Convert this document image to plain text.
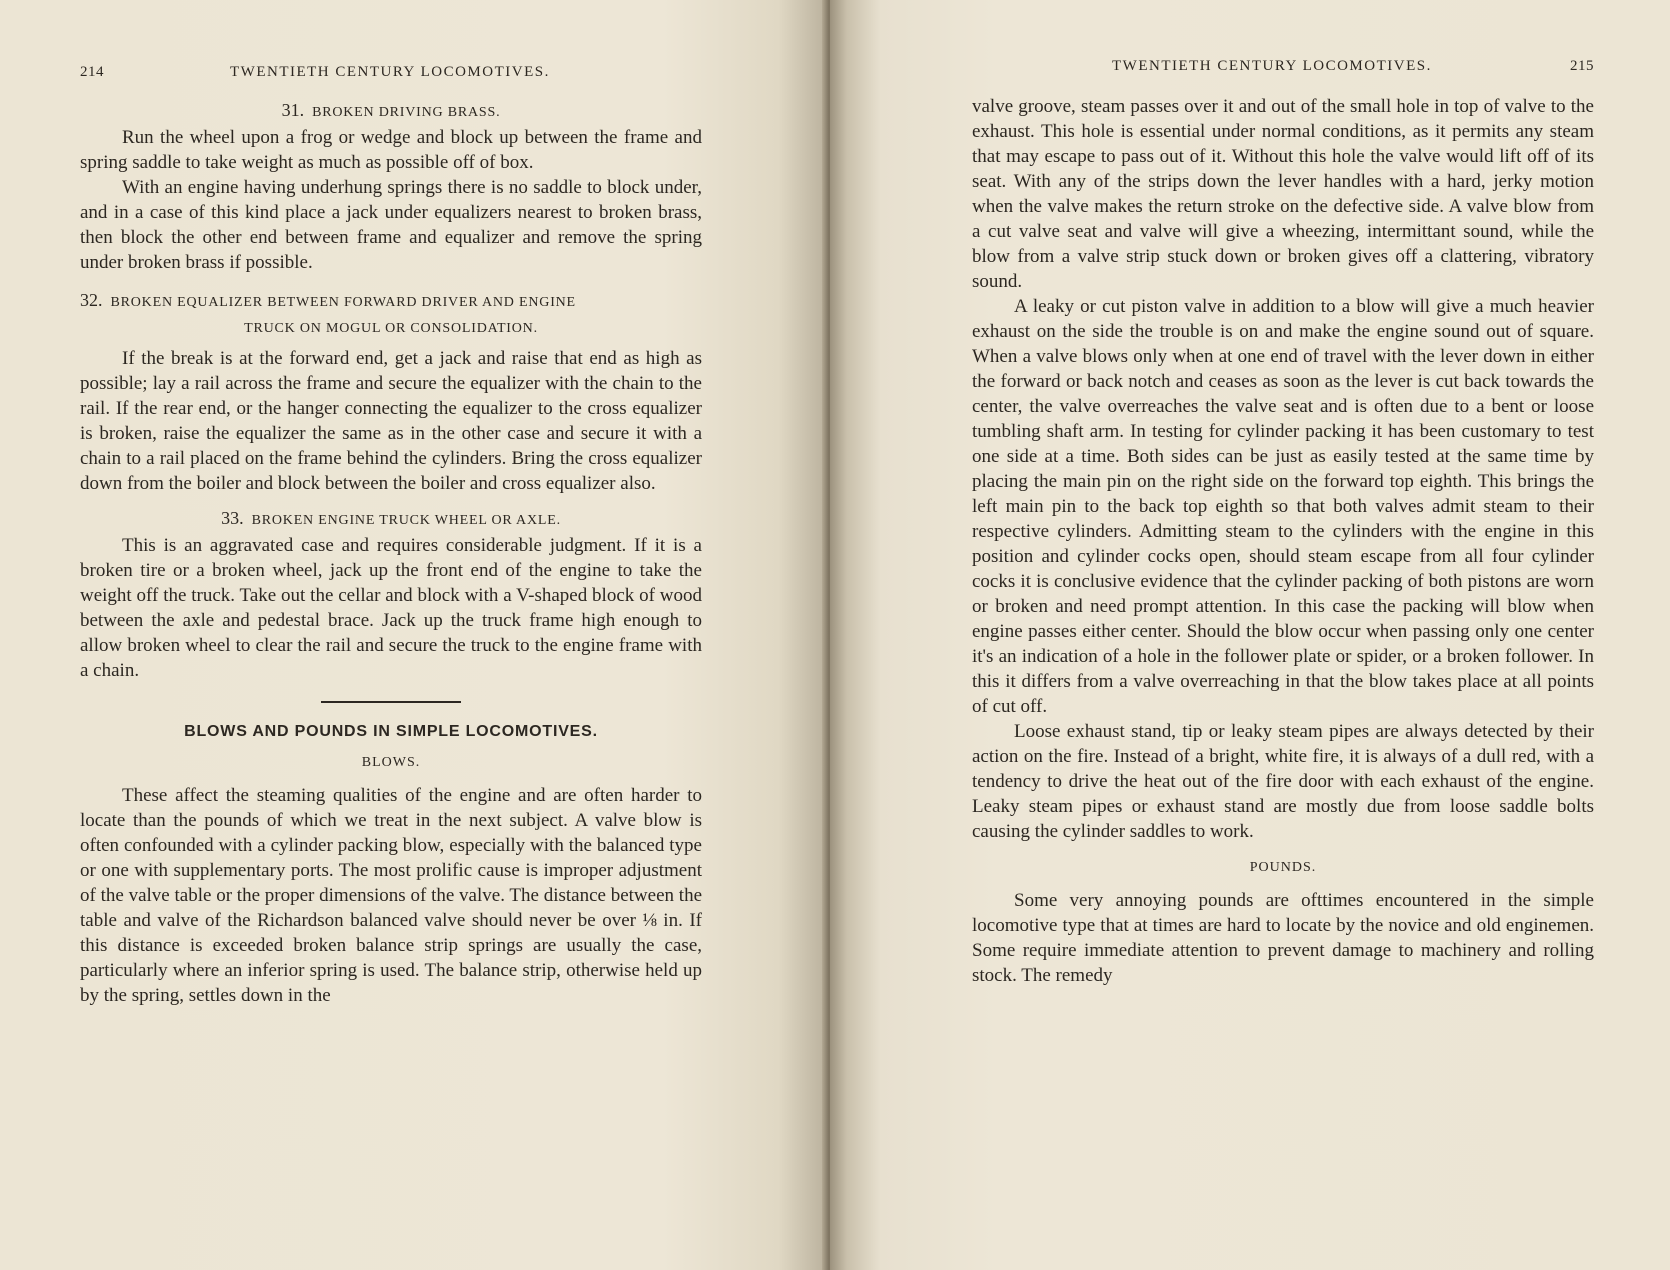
214	TWENTIETH CENTURY LOCOMOTIVES.
31. BROKEN DRIVING BRASS.

Run the wheel upon a frog or wedge and block up between the frame and spring saddle to take weight as much as possible off of box.

With an engine having underhung springs there is no saddle to block under, and in a case of this kind place a jack under equalizers nearest to broken brass, then block the other end between frame and equalizer and remove the spring under broken brass if possible.

32. BROKEN EQUALIZER BETWEEN FORWARD DRIVER AND ENGINE
TRUCK ON MOGUL OR CONSOLIDATION.

If the break is at the forward end, get a jack and raise that end as high as possible; lay a rail across the frame and secure the equalizer with the chain to the rail. If the rear end, or the hanger connecting the equalizer to the cross equalizer is broken, raise the equalizer the same as in the other case and secure it with a chain to a rail placed on the frame behind the cylinders. Bring the cross equalizer down from the boiler and block between the boiler and cross equalizer also.

33. BROKEN ENGINE TRUCK WHEEL OR AXLE.

This is an aggravated case and requires considerable judgment. If it is a broken tire or a broken wheel, jack up the front end of the engine to take the weight off the truck. Take out the cellar and block with a V-shaped block of wood between the axle and pedestal brace. Jack up the truck frame high enough to allow broken wheel to clear the rail and secure the truck to the engine frame with a chain.

BLOWS AND POUNDS IN SIMPLE LOCOMOTIVES.
BLOWS.

These affect the steaming qualities of the engine and are often harder to locate than the pounds of which we treat in the next subject. A valve blow is often confounded with a cylinder packing blow, especially with the balanced type or one with supplementary ports. The most prolific cause is improper adjustment of the valve table or the proper dimensions of the valve. The distance between the table and valve of the Richardson balanced valve should never be over ⅛ in. If this distance is exceeded broken balance strip springs are usually the case, particularly where an inferior spring is used. The balance strip, otherwise held up by the spring, settles down in the

TWENTIETH CENTURY LOCOMOTIVES.	215

valve groove, steam passes over it and out of the small hole in top of valve to the exhaust. This hole is essential under normal conditions, as it permits any steam that may escape to pass out of it. Without this hole the valve would lift off of its seat. With any of the strips down the lever handles with a hard, jerky motion when the valve makes the return stroke on the defective side. A valve blow from a cut valve seat and valve will give a wheezing, intermittant sound, while the blow from a valve strip stuck down or broken gives off a clattering, vibratory sound.

A leaky or cut piston valve in addition to a blow will give a much heavier exhaust on the side the trouble is on and make the engine sound out of square. When a valve blows only when at one end of travel with the lever down in either the forward or back notch and ceases as soon as the lever is cut back towards the center, the valve overreaches the valve seat and is often due to a bent or loose tumbling shaft arm. In testing for cylinder packing it has been customary to test one side at a time. Both sides can be just as easily tested at the same time by placing the main pin on the right side on the forward top eighth. This brings the left main pin to the back top eighth so that both valves admit steam to their respective cylinders. Admitting steam to the cylinders with the engine in this position and cylinder cocks open, should steam escape from all four cylinder cocks it is conclusive evidence that the cylinder packing of both pistons are worn or broken and need prompt attention. In this case the packing will blow when engine passes either center. Should the blow occur when passing only one center it's an indication of a hole in the follower plate or spider, or a broken follower. In this it differs from a valve overreaching in that the blow takes place at all points of cut off.

Loose exhaust stand, tip or leaky steam pipes are always detected by their action on the fire. Instead of a bright, white fire, it is always of a dull red, with a tendency to drive the heat out of the fire door with each exhaust of the engine. Leaky steam pipes or exhaust stand are mostly due from loose saddle bolts causing the cylinder saddles to work.

POUNDS.

Some very annoying pounds are ofttimes encountered in the simple locomotive type that at times are hard to locate by the novice and old enginemen. Some require immediate attention to prevent damage to machinery and rolling stock. The remedy
